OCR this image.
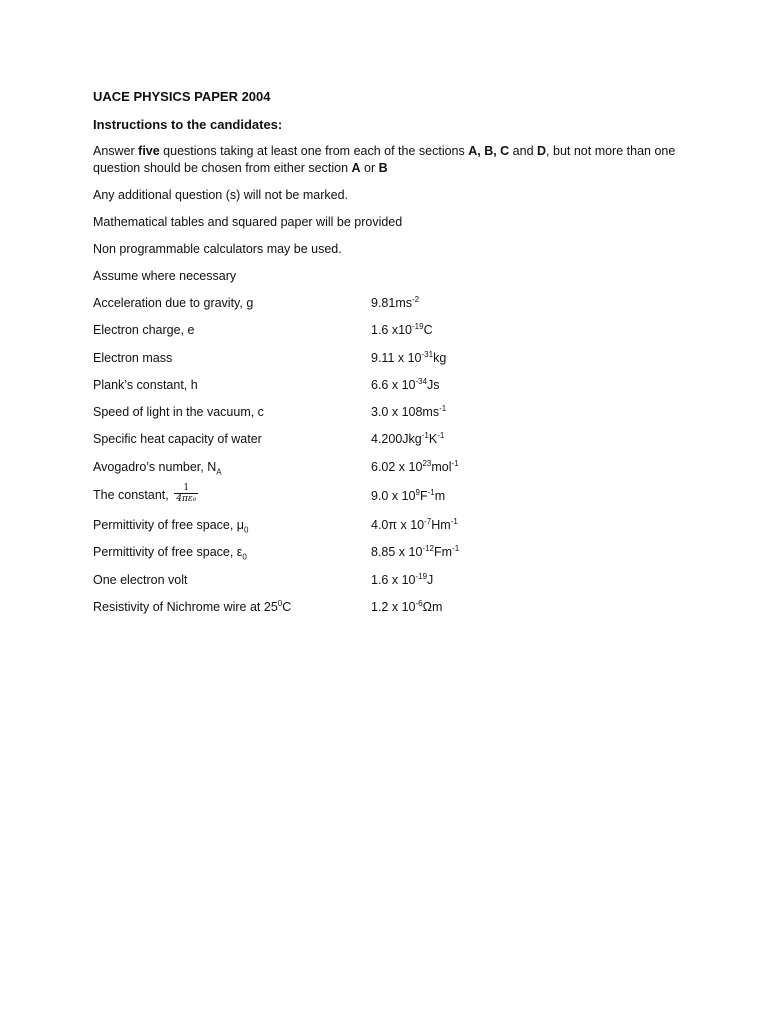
UACE PHYSICS PAPER 2004
Instructions to the candidates:
Answer five questions taking at least one from each of the sections A, B, C and D, but not more than one question should be chosen from either section A or B
Any additional question (s) will not be marked.
Mathematical tables and squared paper will be provided
Non programmable calculators may be used.
Assume where necessary
Acceleration due to gravity, g	$9.81ms^{-2}$
Electron charge, e	1.6 $x10^{-19}C$
Electron mass	9.11 x $10^{-31}kg$
Plank’s constant, h	6.6 x $10^{-34}Js$
Speed of light in the vacuum, c	3.0 x $108ms^{-1}$
Specific heat capacity of water	$4.200Jkg^{-1}K^{-1}$
Avogadro’s number, $N_A$	6.02 x $10^{23}mol^{-1}$
The constant, $\frac{1}{\text{4πε₀}}$	9.0 x $10^9F^{-1}m$
Permittivity of free space, $\mu_0$	4.0π x $10^{-7}Hm^{-1}$
Permittivity of free space, $\varepsilon_0$	8.85 x $10^{-12}Fm^{-1}$
One electron volt	1.6 x $10^{-19}J$
Resistivity of Nichrome wire at $25^0C$	1.2 x $10^{-6}\Omega m$
